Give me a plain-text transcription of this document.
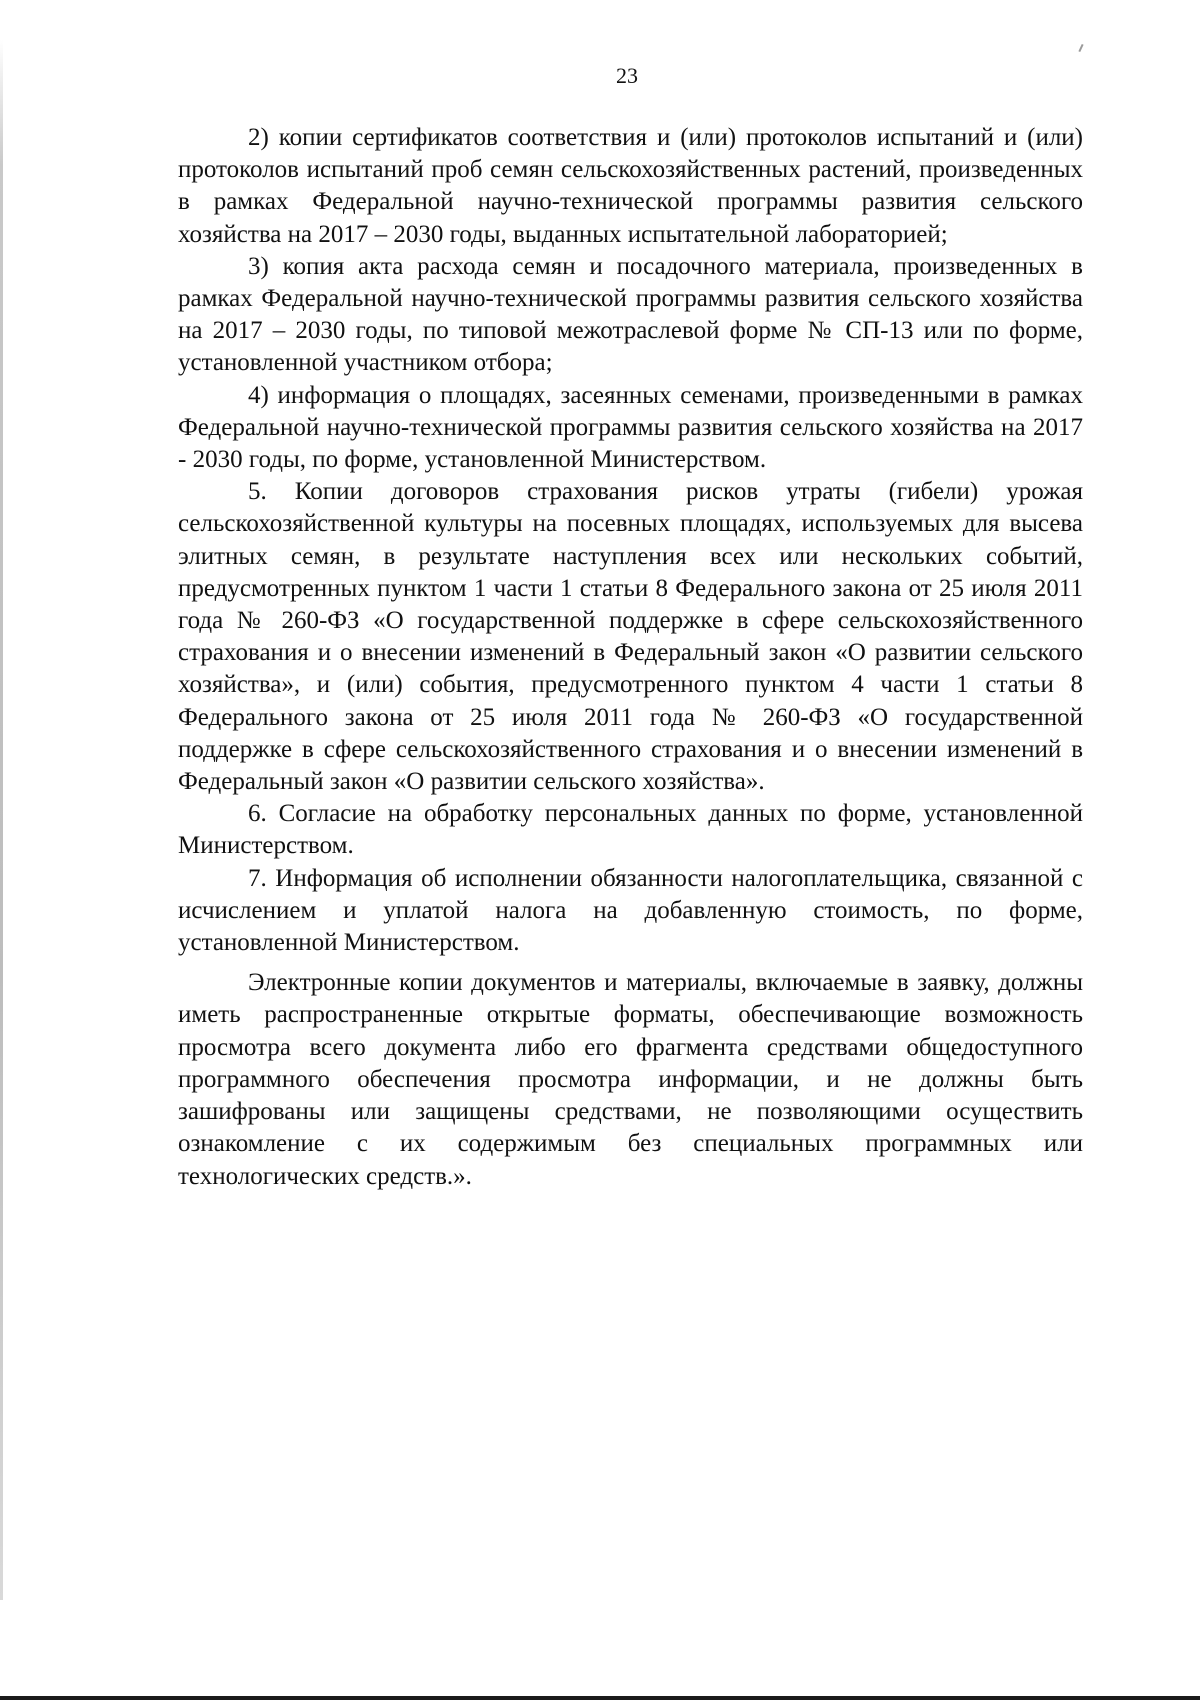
23

2) копии сертификатов соответствия и (или) протоколов испытаний и (или) протоколов испытаний проб семян сельскохозяйственных растений, произведенных в рамках Федеральной научно-технической программы развития сельского хозяйства на 2017 – 2030 годы, выданных испытательной лабораторией;

3) копия акта расхода семян и посадочного материала, произведенных в рамках Федеральной научно-технической программы развития сельского хозяйства на 2017 – 2030 годы, по типовой межотраслевой форме № СП-13 или по форме, установленной участником отбора;

4) информация о площадях, засеянных семенами, произведенными в рамках Федеральной научно-технической программы развития сельского хозяйства на 2017 - 2030 годы, по форме, установленной Министерством.

5. Копии договоров страхования рисков утраты (гибели) урожая сельскохозяйственной культуры на посевных площадях, используемых для высева элитных семян, в результате наступления всех или нескольких событий, предусмотренных пунктом 1 части 1 статьи 8 Федерального закона от 25 июля 2011 года № 260-ФЗ «О государственной поддержке в сфере сельскохозяйственного страхования и о внесении изменений в Федеральный закон «О развитии сельского хозяйства», и (или) события, предусмотренного пунктом 4 части 1 статьи 8 Федерального закона от 25 июля 2011 года № 260-ФЗ «О государственной поддержке в сфере сельскохозяйственного страхования и о внесении изменений в Федеральный закон «О развитии сельского хозяйства».

6. Согласие на обработку персональных данных по форме, установленной Министерством.

7. Информация об исполнении обязанности налогоплательщика, связанной с исчислением и уплатой налога на добавленную стоимость, по форме, установленной Министерством.

Электронные копии документов и материалы, включаемые в заявку, должны иметь распространенные открытые форматы, обеспечивающие возможность просмотра всего документа либо его фрагмента средствами общедоступного программного обеспечения просмотра информации, и не должны быть зашифрованы или защищены средствами, не позволяющими осуществить ознакомление с их содержимым без специальных программных или технологических средств.».
